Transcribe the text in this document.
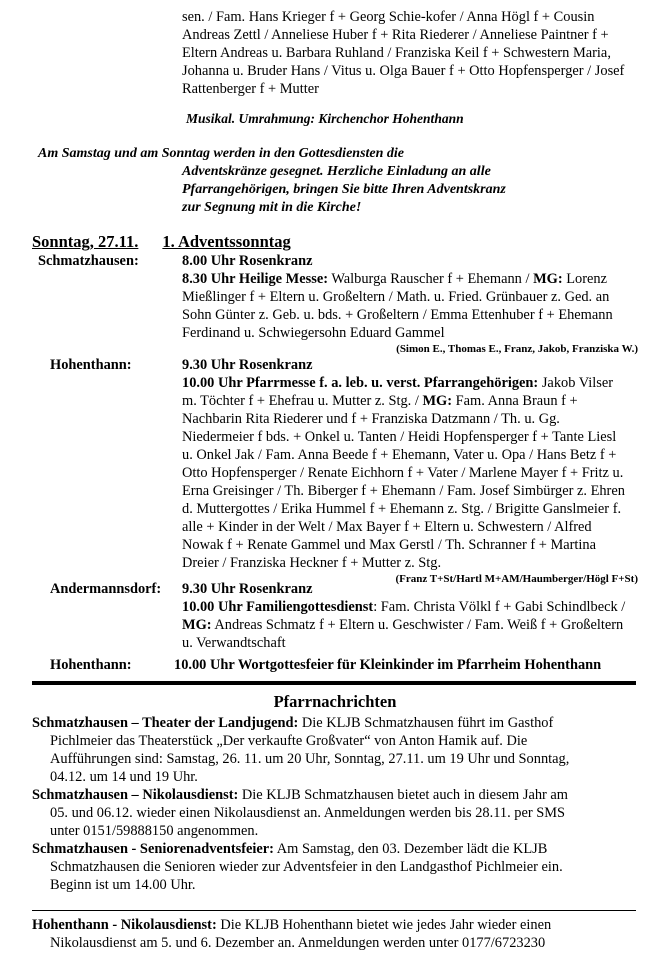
sen. / Fam. Hans Krieger f + Georg Schie-kofer / Anna Högl f + Cousin

Andreas Zettl / Anneliese Huber f + Rita Riederer / Anneliese Paintner f +

Eltern Andreas u. Barbara Ruhland / Franziska Keil f + Schwestern Maria,

Johanna u. Bruder Hans / Vitus u. Olga Bauer f + Otto Hopfensperger / Josef

Rattenberger f + Mutter

Musikal. Umrahmung: Kirchenchor Hohenthann
Am Samstag und am Sonntag werden in den Gottesdiensten die
Adventskränze gesegnet. Herzliche Einladung an alle
Pfarrangehörigen, bringen Sie bitte Ihren Adventskranz
zur Segnung mit in die Kirche!
Sonntag, 27.11. 1. Adventssonntag
Schmatzhausen:	8.00 Uhr Rosenkranz

8.30 Uhr Heilige Messe: Walburga Rauscher f + Ehemann / MG: Lorenz

Mießlinger f + Eltern u. Großeltern / Math. u. Fried. Grünbauer z. Ged. an

Sohn Günter z. Geb. u. bds. + Großeltern / Emma Ettenhuber f + Ehemann

Ferdinand u. Schwiegersohn Eduard Gammel

(Simon E., Thomas E., Franz, Jakob, Franziska W.)

Hohenthann:	9.30 Uhr Rosenkranz

10.00 Uhr Pfarrmesse f. a. leb. u. verst. Pfarrangehörigen: Jakob Vilser

m. Töchter f + Ehefrau u. Mutter z. Stg. / MG: Fam. Anna Braun f +

Nachbarin Rita Riederer und f + Franziska Datzmann / Th. u. Gg.

Niedermeier f bds. + Onkel u. Tanten / Heidi Hopfensperger f + Tante Liesl

u. Onkel Jak / Fam. Anna Beede f + Ehemann, Vater u. Opa / Hans Betz f +

Otto Hopfensperger / Renate Eichhorn f + Vater / Marlene Mayer f + Fritz u.

Erna Greisinger / Th. Biberger f + Ehemann / Fam. Josef Simbürger z. Ehren

d. Muttergottes / Erika Hummel f + Ehemann z. Stg. / Brigitte Ganslmeier f.

alle + Kinder in der Welt / Max Bayer f + Eltern u. Schwestern / Alfred

Nowak f + Renate Gammel und Max Gerstl / Th. Schranner f + Martina

Dreier / Franziska Heckner f + Mutter z. Stg.

(Franz T+St/Hartl M+AM/Haumberger/Högl F+St)

Andermannsdorf: 9.30 Uhr Rosenkranz

10.00 Uhr Familiengottesdienst: Fam. Christa Völkl f + Gabi Schindlbeck /

MG: Andreas Schmatz f + Eltern u. Geschwister / Fam. Weiß f + Großeltern

u. Verwandtschaft

Hohenthann:	10.00 Uhr Wortgottesfeier für Kleinkinder im Pfarrheim Hohenthann
Pfarrnachrichten

Schmatzhausen – Theater der Landjugend: Die KLJB Schmatzhausen führt im Gasthof

Pichlmeier das Theaterstück „Der verkaufte Großvater“ von Anton Hamik auf. Die

Aufführungen sind: Samstag, 26. 11. um 20 Uhr, Sonntag, 27.11. um 19 Uhr und Sonntag,

04.12. um 14 und 19 Uhr.

Schmatzhausen – Nikolausdienst: Die KLJB Schmatzhausen bietet auch in diesem Jahr am

05. und 06.12. wieder einen Nikolausdienst an. Anmeldungen werden bis 28.11. per SMS

unter 0151/59888150 angenommen.

Schmatzhausen - Seniorenadventsfeier: Am Samstag, den 03. Dezember lädt die KLJB

Schmatzhausen die Senioren wieder zur Adventsfeier in den Landgasthof Pichlmeier ein.

Beginn ist um 14.00 Uhr.

Hohenthann - Nikolausdienst: Die KLJB Hohenthann bietet wie jedes Jahr wieder einen

Nikolausdienst am 5. und 6. Dezember an. Anmeldungen werden unter 0177/6723230
